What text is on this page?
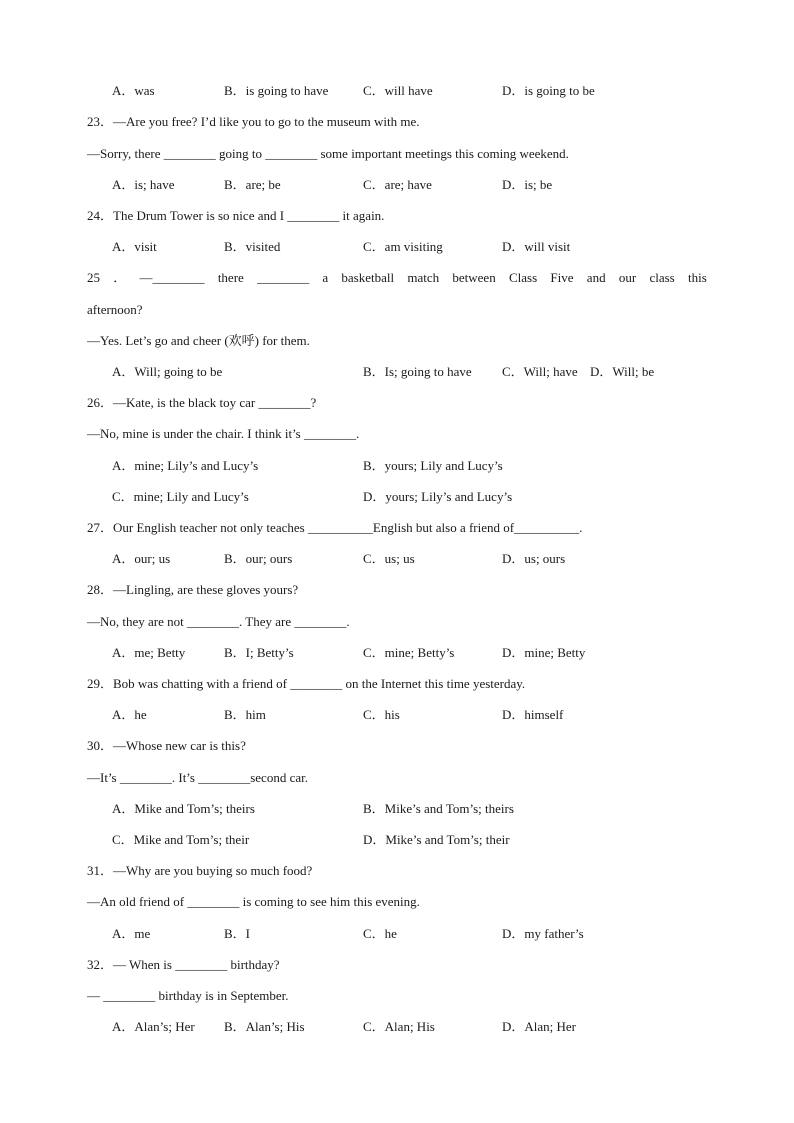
A．was	B．is going to have	C．will have	D．is going to be
23．—Are you free? I’d like you to go to the museum with me.
—Sorry, there ________ going to ________ some important meetings this coming weekend.
A．is; have	B．are; be	C．are; have	D．is; be
24．The Drum Tower is so nice and I ________ it again.
A．visit	B．visited	C．am visiting	D．will visit
25 ． —________ there ________ a basketball match between Class Five and our class this
afternoon?
—Yes. Let’s go and cheer (欢呼) for them.
A．Will; going to be	B．Is; going to have C．Will; have D．Will; be
26．—Kate, is the black toy car ________?
—No, mine is under the chair. I think it’s ________.
A．mine; Lily’s and Lucy’s	B．yours; Lily and Lucy’s
C．mine; Lily and Lucy’s	D．yours; Lily’s and Lucy’s
27．Our English teacher not only teaches __________English but also a friend of__________.
A．our; us	B．our; ours	C．us; us	D．us; ours
28．—Lingling, are these gloves yours?
—No, they are not ________. They are ________.
A．me; Betty	B．I; Betty’s	C．mine; Betty’s	D．mine; Betty
29．Bob was chatting with a friend of ________ on the Internet this time yesterday.
A．he	B．him	C．his	D．himself
30．—Whose new car is this?
—It’s ________. It’s ________second car.
A．Mike and Tom’s; theirs	B．Mike’s and Tom’s; theirs
C．Mike and Tom’s; their	D．Mike’s and Tom’s; their
31．—Why are you buying so much food?
—An old friend of ________ is coming to see him this evening.
A．me	B．I	C．he	D．my father’s
32．— When is ________ birthday?
— ________ birthday is in September.
A．Alan’s; Her B．Alan’s; His	C．Alan; His	D．Alan; Her
